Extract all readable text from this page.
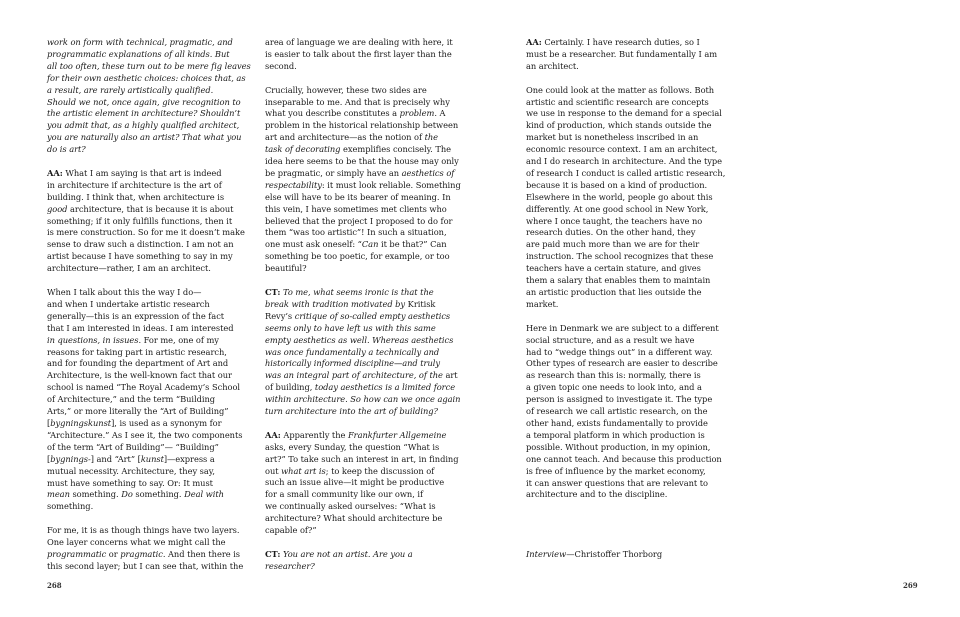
work on form with technical, pragmatic, and
programmatic explanations of all kinds. But
all too often, these turn out to be mere fig leaves
for their own aesthetic choices: choices that, as
a result, are rarely artistically qualified.
Should we not, once again, give recognition to
the artistic element in architecture? Shouldn’t
you admit that, as a highly qualified architect,
you are naturally also an artist? That what you
do is art?

AA: What I am saying is that art is indeed
in architecture if architecture is the art of
building. I think that, when architecture is
good architecture, that is because it is about
something; if it only fulfills functions, then it
is mere construction. So for me it doesn’t make
sense to draw such a distinction. I am not an
artist because I have something to say in my
architecture—rather, I am an architect.

When I talk about this the way I do—
and when I undertake artistic research
generally—this is an expression of the fact
that I am interested in ideas. I am interested
in questions, in issues. For me, one of my
reasons for taking part in artistic research,
and for founding the department of Art and
Architecture, is the well-known fact that our
school is named “The Royal Academy’s School
of Architecture,” and the term “Building
Arts,” or more literally the “Art of Building”
[bygningskunst], is used as a synonym for
“Architecture.” As I see it, the two components
of the term “Art of Building”— “Building”
[bygnings-] and “Art” [kunst]—express a
mutual necessity. Architecture, they say,
must have something to say. Or: It must
mean something. Do something. Deal with
something.

For me, it is as though things have two layers.
One layer concerns what we might call the
programmatic or pragmatic. And then there is
this second layer; but I can see that, within the

area of language we are dealing with here, it
is easier to talk about the first layer than the
second.

Crucially, however, these two sides are
inseparable to me. And that is precisely why
what you describe constitutes a problem. A
problem in the historical relationship between
art and architecture—as the notion of the
task of decorating exemplifies concisely. The
idea here seems to be that the house may only
be pragmatic, or simply have an aesthetics of
respectability: it must look reliable. Something
else will have to be its bearer of meaning. In
this vein, I have sometimes met clients who
believed that the project I proposed to do for
them “was too artistic”! In such a situation,
one must ask oneself: “Can it be that?” Can
something be too poetic, for example, or too
beautiful?

CT: To me, what seems ironic is that the
break with tradition motivated by Kritisk
Revy’s critique of so-called empty aesthetics
seems only to have left us with this same
empty aesthetics as well. Whereas aesthetics
was once fundamentally a technically and
historically informed discipline—and truly
was an integral part of architecture, of the art
of building, today aesthetics is a limited force
within architecture. So how can we once again
turn architecture into the art of building?

AA: Apparently the Frankfurter Allgemeine
asks, every Sunday, the question “What is
art?” To take such an interest in art, in finding
out what art is; to keep the discussion of
such an issue alive—it might be productive
for a small community like our own, if
we continually asked ourselves: “What is
architecture? What should architecture be
capable of?”

CT: You are not an artist. Are you a
researcher?

AA: Certainly. I have research duties, so I
must be a researcher. But fundamentally I am
an architect.

One could look at the matter as follows. Both
artistic and scientific research are concepts
we use in response to the demand for a special
kind of production, which stands outside the
market but is nonetheless inscribed in an
economic resource context. I am an architect,
and I do research in architecture. And the type
of research I conduct is called artistic research,
because it is based on a kind of production.
Elsewhere in the world, people go about this
differently. At one good school in New York,
where I once taught, the teachers have no
research duties. On the other hand, they
are paid much more than we are for their
instruction. The school recognizes that these
teachers have a certain stature, and gives
them a salary that enables them to maintain
an artistic production that lies outside the
market.

Here in Denmark we are subject to a different
social structure, and as a result we have
had to “wedge things out” in a different way.
Other types of research are easier to describe
as research than this is: normally, there is
a given topic one needs to look into, and a
person is assigned to investigate it. The type
of research we call artistic research, on the
other hand, exists fundamentally to provide
a temporal platform in which production is
possible. Without production, in my opinion,
one cannot teach. And because this production
is free of influence by the market economy,
it can answer questions that are relevant to
architecture and to the discipline.

Interview—Christoffer Thorborg
268	269
